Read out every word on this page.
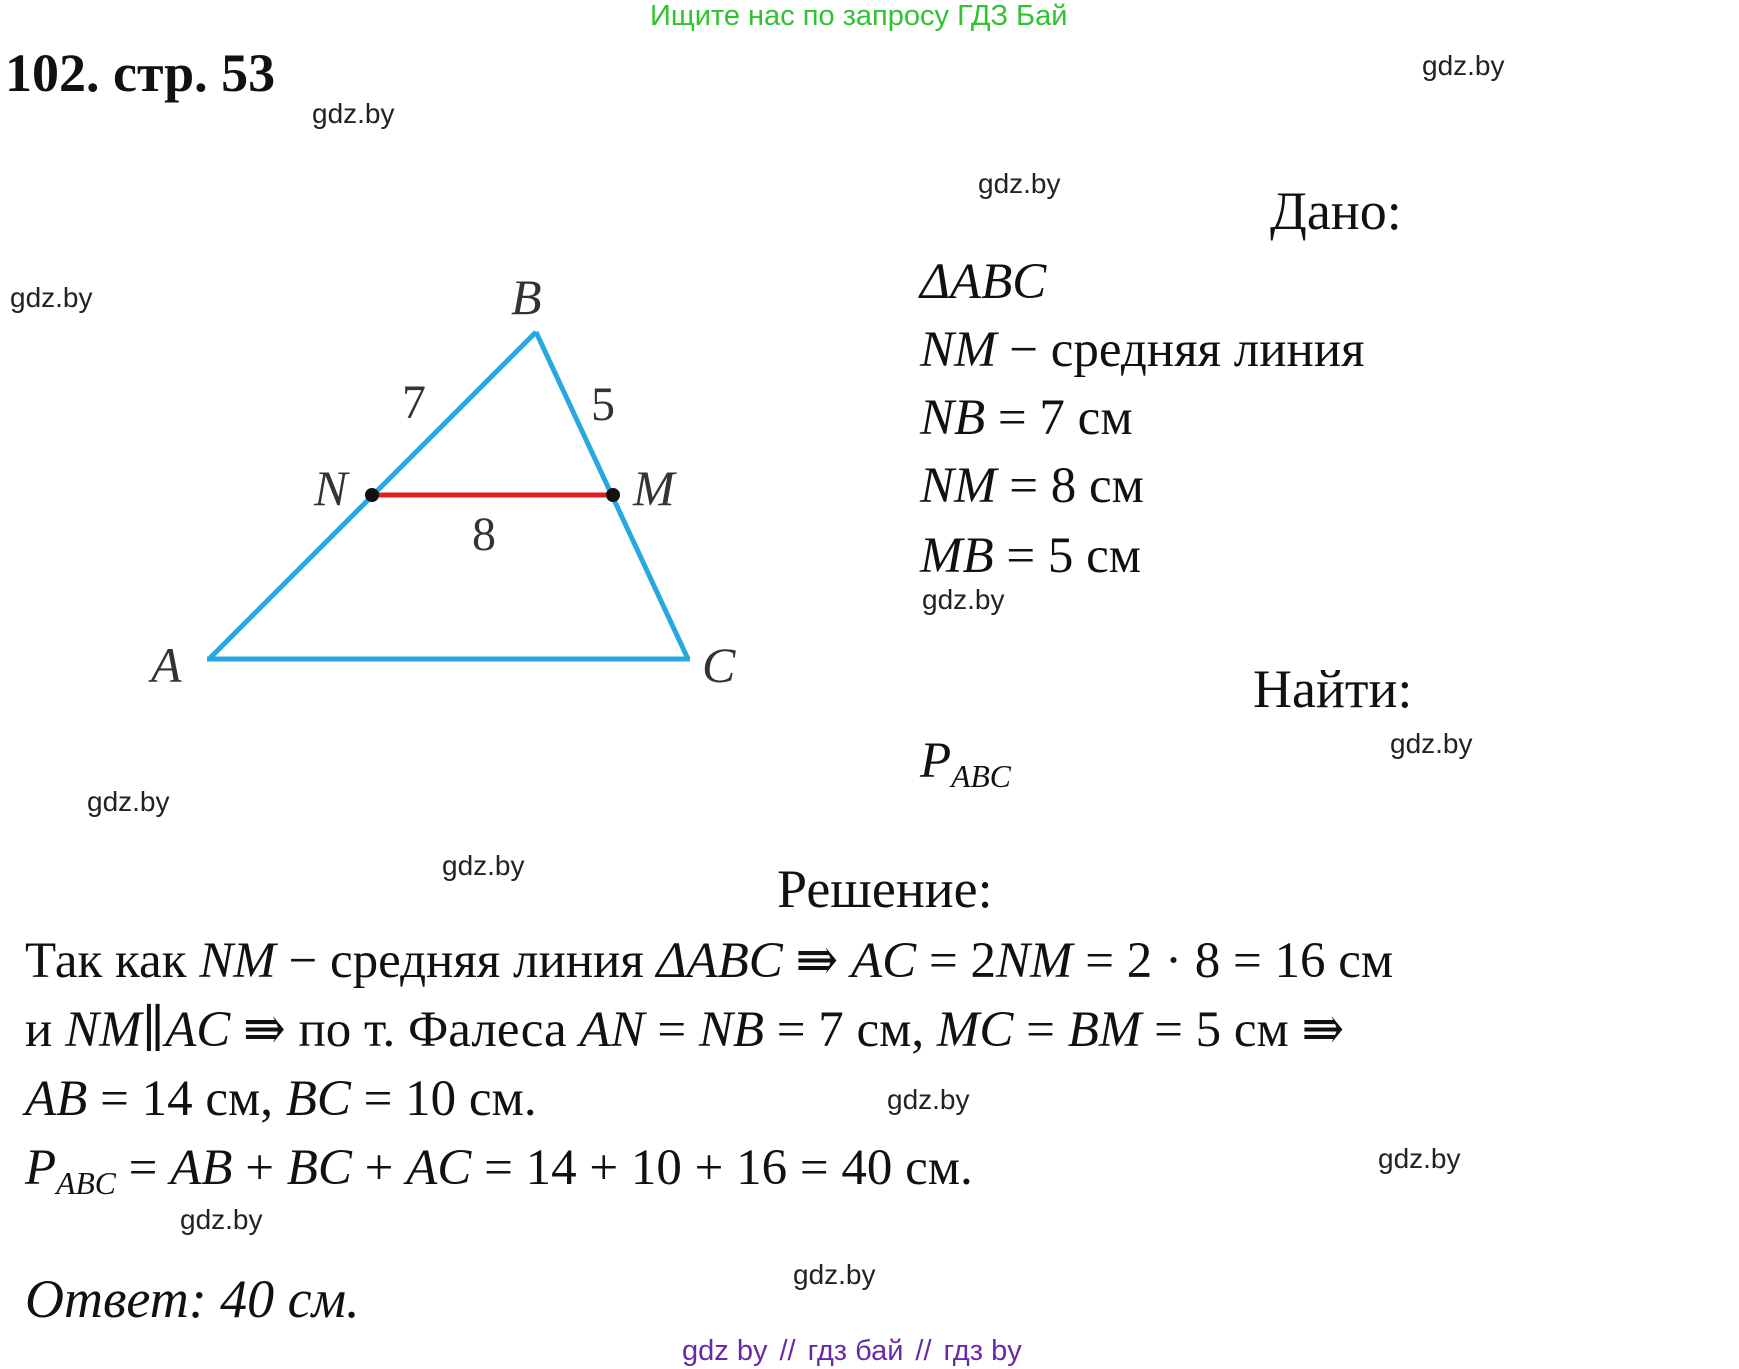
Ищите нас по запросу ГДЗ Бай
102. стр. 53
gdz.by
gdz.by
gdz.by
gdz.by
gdz.by
gdz.by
gdz.by
gdz.by
gdz.by
gdz.by
gdz.by
gdz.by
B
A	C
N	M
7	5
8
Дано:
ΔABC
NM − средняя линия
NB = 7 см
NM = 8 см
MB = 5 см
Найти:
PABC
Решение:
Так как NM − средняя линия ΔABC ⇛ AC = 2NM = 2 · 8 = 16 см
и NM∥AC ⇛ по т. Фалеса AN = NB = 7 см, MC = BM = 5 см ⇛
AB = 14 см, BC = 10 см.
PABC = AB + BC + AC = 14 + 10 + 16 = 40 см.
Ответ: 40 см.
gdz by // гдз бай // гдз by
